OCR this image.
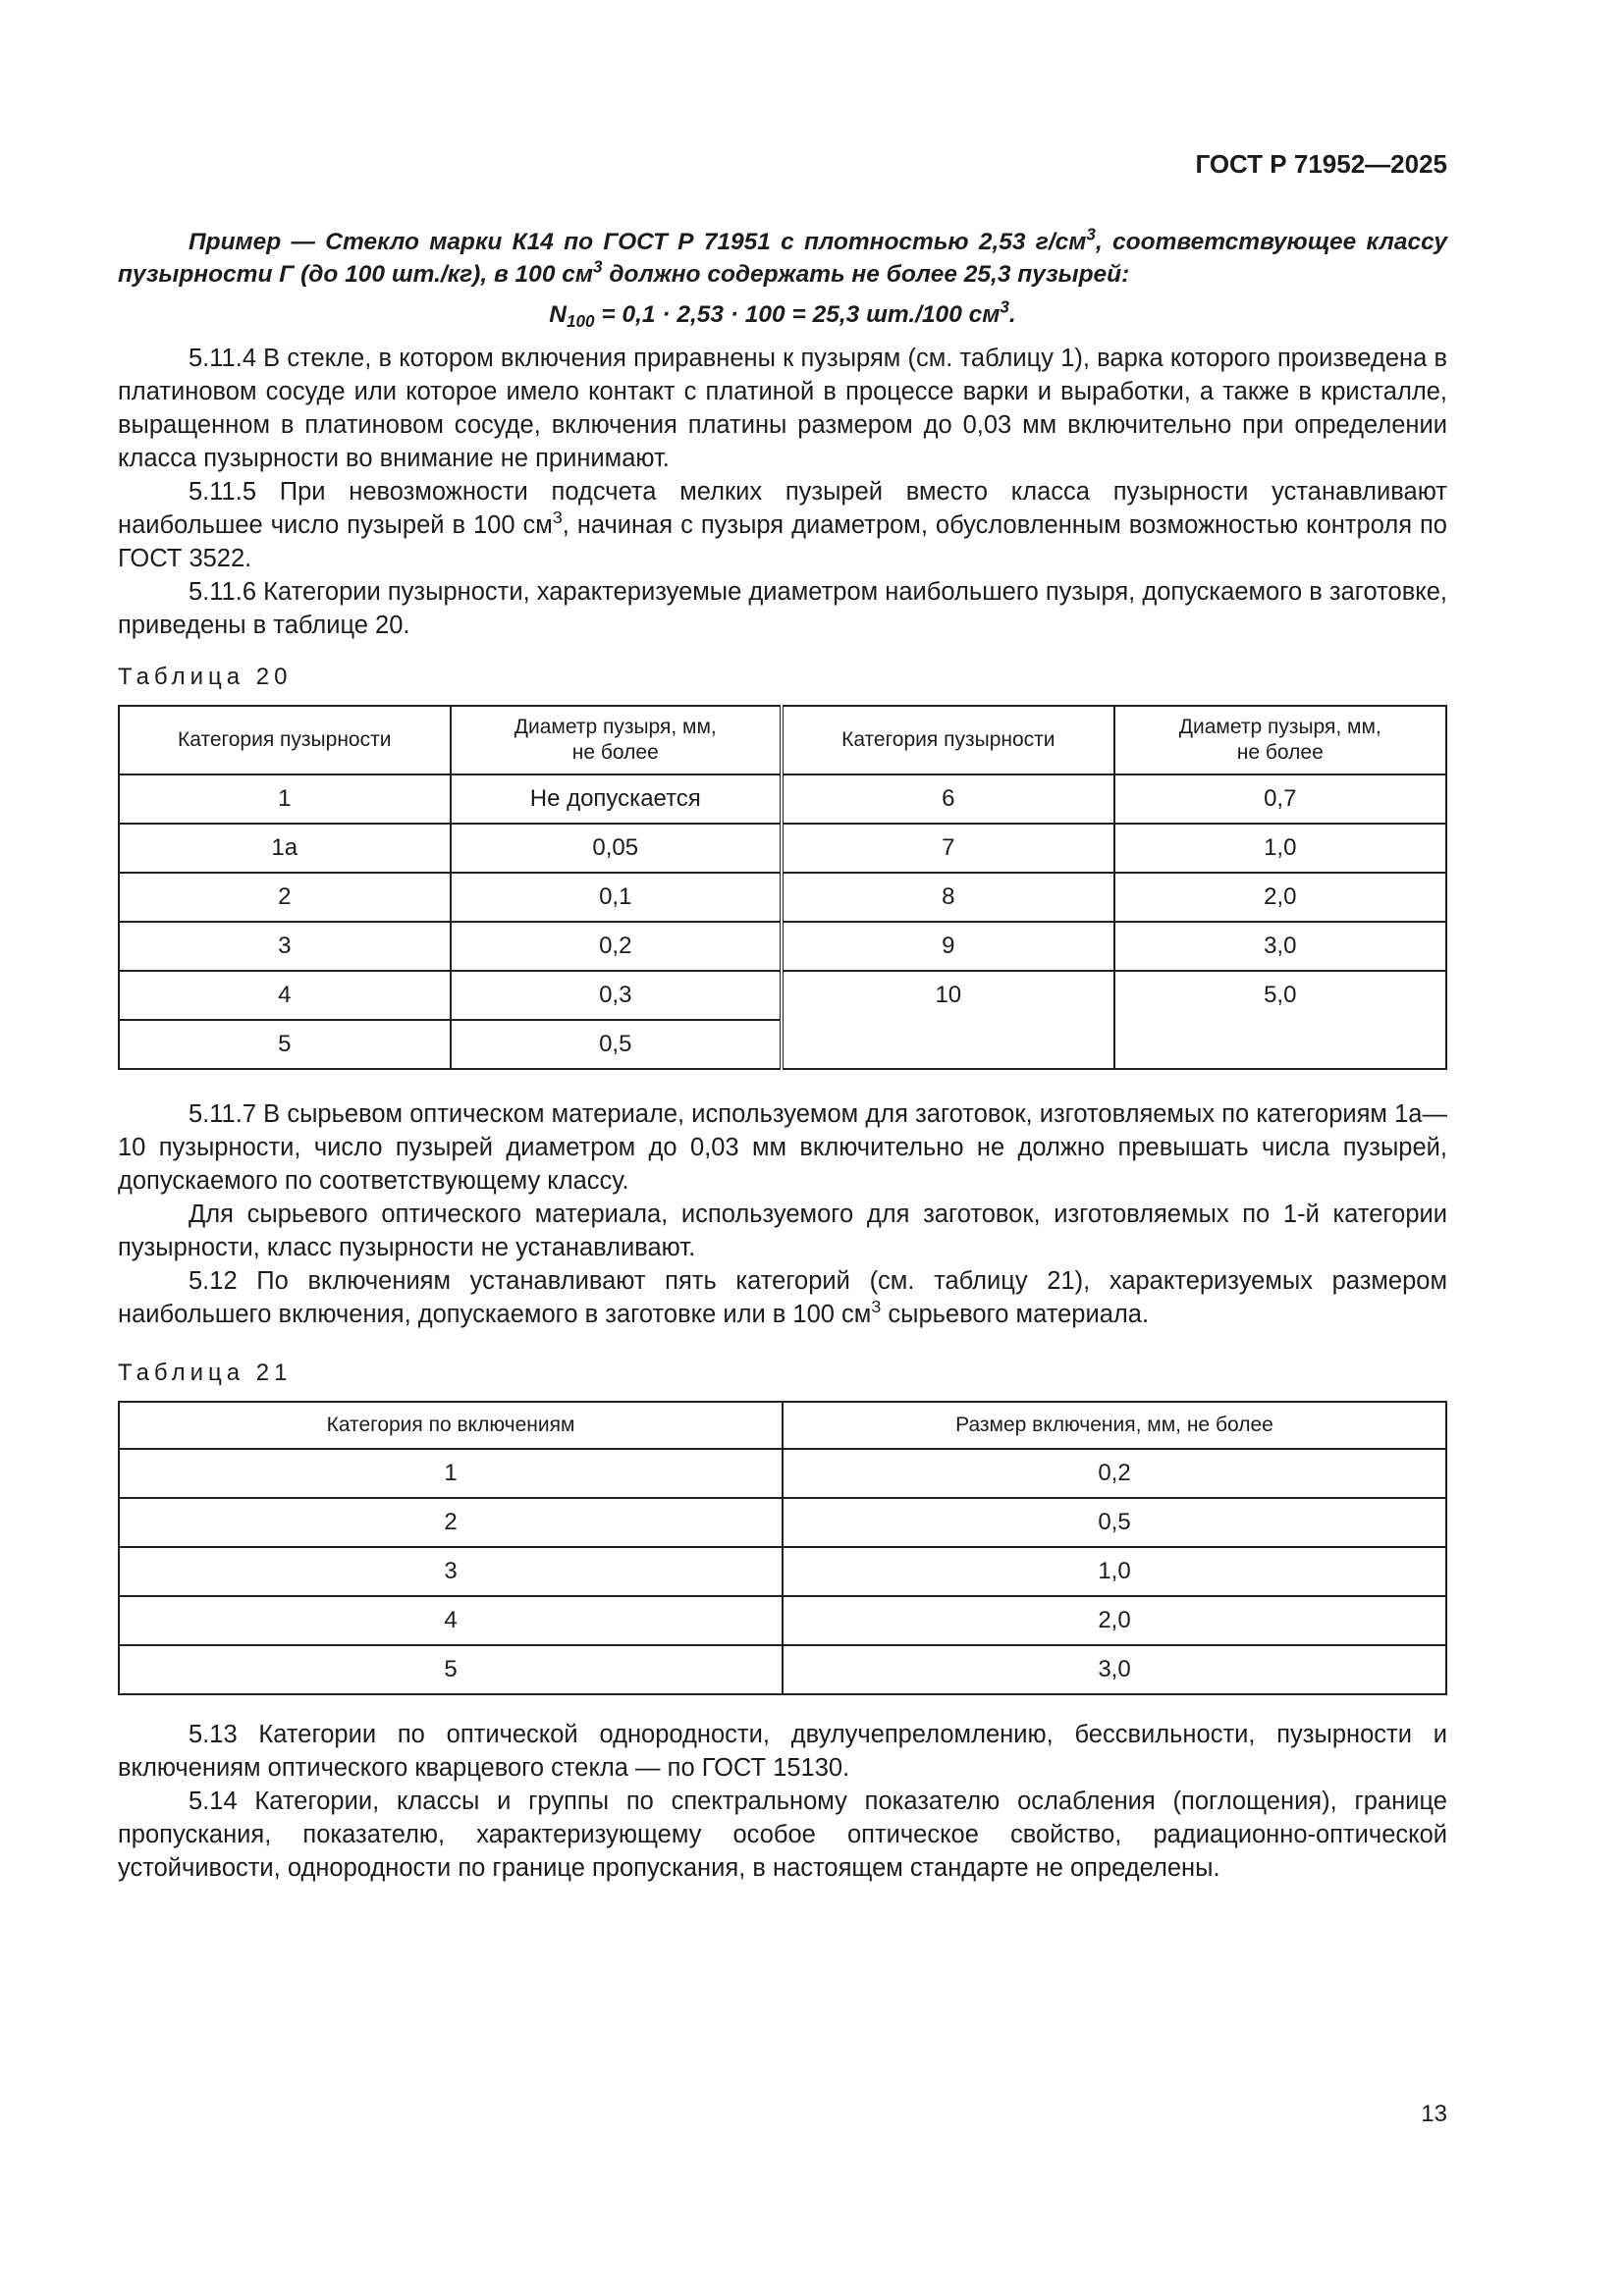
ГОСТ Р 71952—2025
Пример — Стекло марки К14 по ГОСТ Р 71951 с плотностью 2,53 $г/см^3$, соответствующее классу пузырности Г (до 100 шт./кг), в 100 $см^3$ должно содержать не более 25,3 пузырей:
$N_{100} = 0,1 \cdot 2,53 \cdot 100 = 25,3$ шт./100 $см^3$.

5.11.4 В стекле, в котором включения приравнены к пузырям (см. таблицу 1), варка которого произведена в платиновом сосуде или которое имело контакт с платиной в процессе варки и выработки, а также в кристалле, выращенном в платиновом сосуде, включения платины размером до 0,03 мм включительно при определении класса пузырности во внимание не принимают.

5.11.5 При невозможности подсчета мелких пузырей вместо класса пузырности устанавливают наибольшее число пузырей в 100 $см^3$, начиная с пузыря диаметром, обусловленным возможностью контроля по ГОСТ 3522.

5.11.6 Категории пузырности, характеризуемые диаметром наибольшего пузыря, допускаемого в заготовке, приведены в таблице 20.

Таблица 20
Категория пузырности	Диаметр пузыря, мм,
не более	Категория пузырности	Диаметр пузыря, мм,
не более
1	Не допускается	6	0,7
1а	0,05	7	1,0
2	0,1	8	2,0
3	0,2	9	3,0
4	0,3	10	5,0
5	0,5		

5.11.7 В сырьевом оптическом материале, используемом для заготовок, изготовляемых по категориям 1а—10 пузырности, число пузырей диаметром до 0,03 мм включительно не должно превышать числа пузырей, допускаемого по соответствующему классу.

Для сырьевого оптического материала, используемого для заготовок, изготовляемых по 1-й категории пузырности, класс пузырности не устанавливают.

5.12 По включениям устанавливают пять категорий (см. таблицу 21), характеризуемых размером наибольшего включения, допускаемого в заготовке или в 100 $см^3$ сырьевого материала.

Таблица 21
Категория по включениям	Размер включения, мм, не более
1	0,2
2	0,5
3	1,0
4	2,0
5	3,0

5.13 Категории по оптической однородности, двулучепреломлению, бессвильности, пузырности и включениям оптического кварцевого стекла — по ГОСТ 15130.

5.14 Категории, классы и группы по спектральному показателю ослабления (поглощения), границе пропускания, показателю, характеризующему особое оптическое свойство, радиационно-оптической устойчивости, однородности по границе пропускания, в настоящем стандарте не определены.

13
